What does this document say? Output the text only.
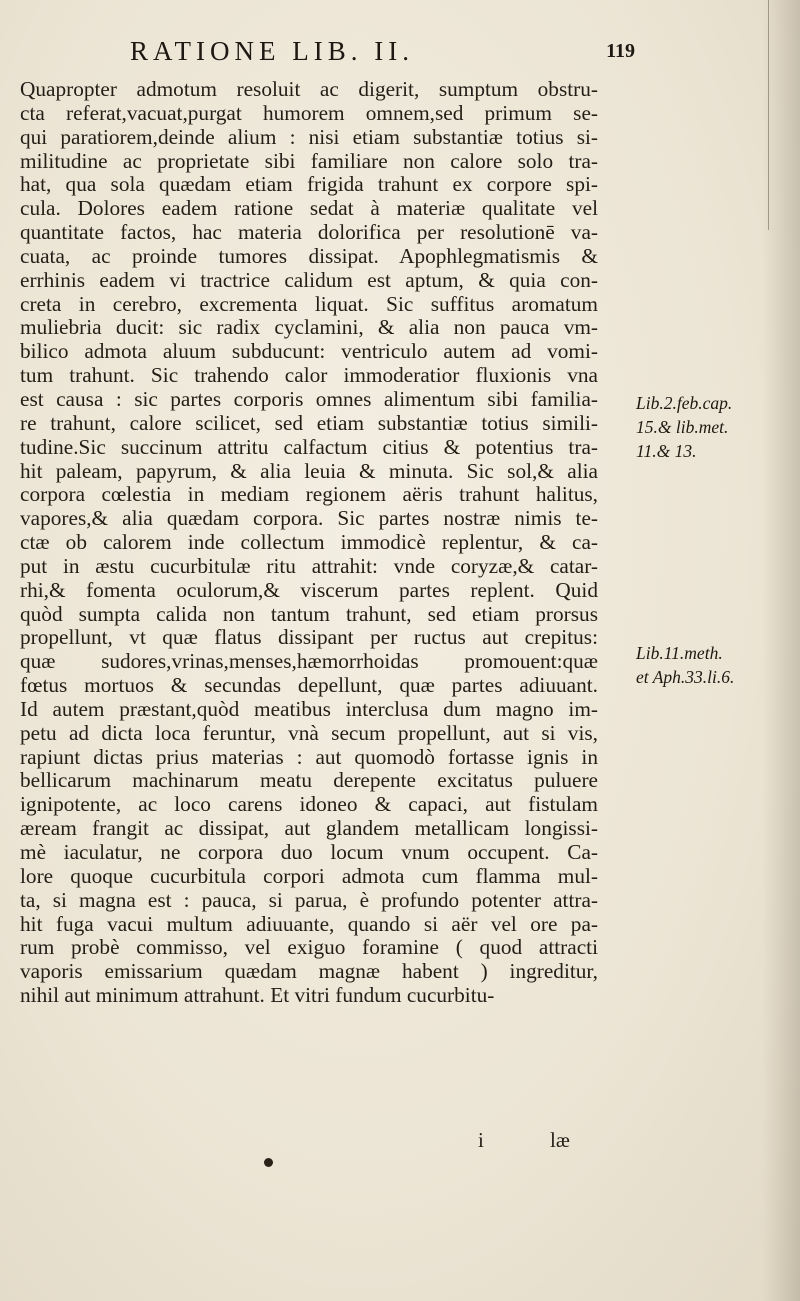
RATIONE LIB. II.	119
Quapropter admotum resoluit ac digerit, sumptum obstru-
cta referat,vacuat,purgat humorem omnem,sed primum se-
qui paratiorem,deinde alium : nisi etiam substantiæ totius si-
militudine ac proprietate sibi familiare non calore solo tra-
hat, qua sola quædam etiam frigida trahunt ex corpore spi-
cula. Dolores eadem ratione sedat à materiæ qualitate vel
quantitate factos, hac materia dolorifica per resolutionē va-
cuata, ac proinde tumores dissipat. Apophlegmatismis &
errhinis eadem vi tractrice calidum est aptum, & quia con-
creta in cerebro, excrementa liquat. Sic suffitus aromatum
muliebria ducit: sic radix cyclamini, & alia non pauca vm-
bilico admota aluum subducunt: ventriculo autem ad vomi-
tum trahunt. Sic trahendo calor immoderatior fluxionis vna
est causa : sic partes corporis omnes alimentum sibi familia-
re trahunt, calore scilicet, sed etiam substantiæ totius simili-
tudine.Sic succinum attritu calfactum citius & potentius tra-
hit paleam, papyrum, & alia leuia & minuta. Sic sol,& alia
corpora cœlestia in mediam regionem aëris trahunt halitus,
vapores,& alia quædam corpora. Sic partes nostræ nimis te-
ctæ ob calorem inde collectum immodicè replentur, & ca-
put in æstu cucurbitulæ ritu attrahit: vnde coryzæ,& catar-
rhi,& fomenta oculorum,& viscerum partes replent. Quid
quòd sumpta calida non tantum trahunt, sed etiam prorsus
propellunt, vt quæ flatus dissipant per ructus aut crepitus:
quæ sudores,vrinas,menses,hæmorrhoidas promouent:quæ
fœtus mortuos & secundas depellunt, quæ partes adiuuant.
Id autem præstant,quòd meatibus interclusa dum magno im-
petu ad dicta loca feruntur, vnà secum propellunt, aut si vis,
rapiunt dictas prius materias : aut quomodò fortasse ignis in
bellicarum machinarum meatu derepente excitatus puluere
ignipotente, ac loco carens idoneo & capaci, aut fistulam
æream frangit ac dissipat, aut glandem metallicam longissi-
mè iaculatur, ne corpora duo locum vnum occupent. Ca-
lore quoque cucurbitula corpori admota cum flamma mul-
ta, si magna est : pauca, si parua, è profundo potenter attra-
hit fuga vacui multum adiuuante, quando si aër vel ore pa-
rum probè commisso, vel exiguo foramine ( quod attracti
vaporis emissarium quædam magnæ habent ) ingreditur,
nihil aut minimum attrahunt. Et vitri fundum cucurbitu-
Lib.2.feb.cap.
15.& lib.met.
11.& 13.
Lib.11.meth.
et Aph.33.li.6.
i	læ
